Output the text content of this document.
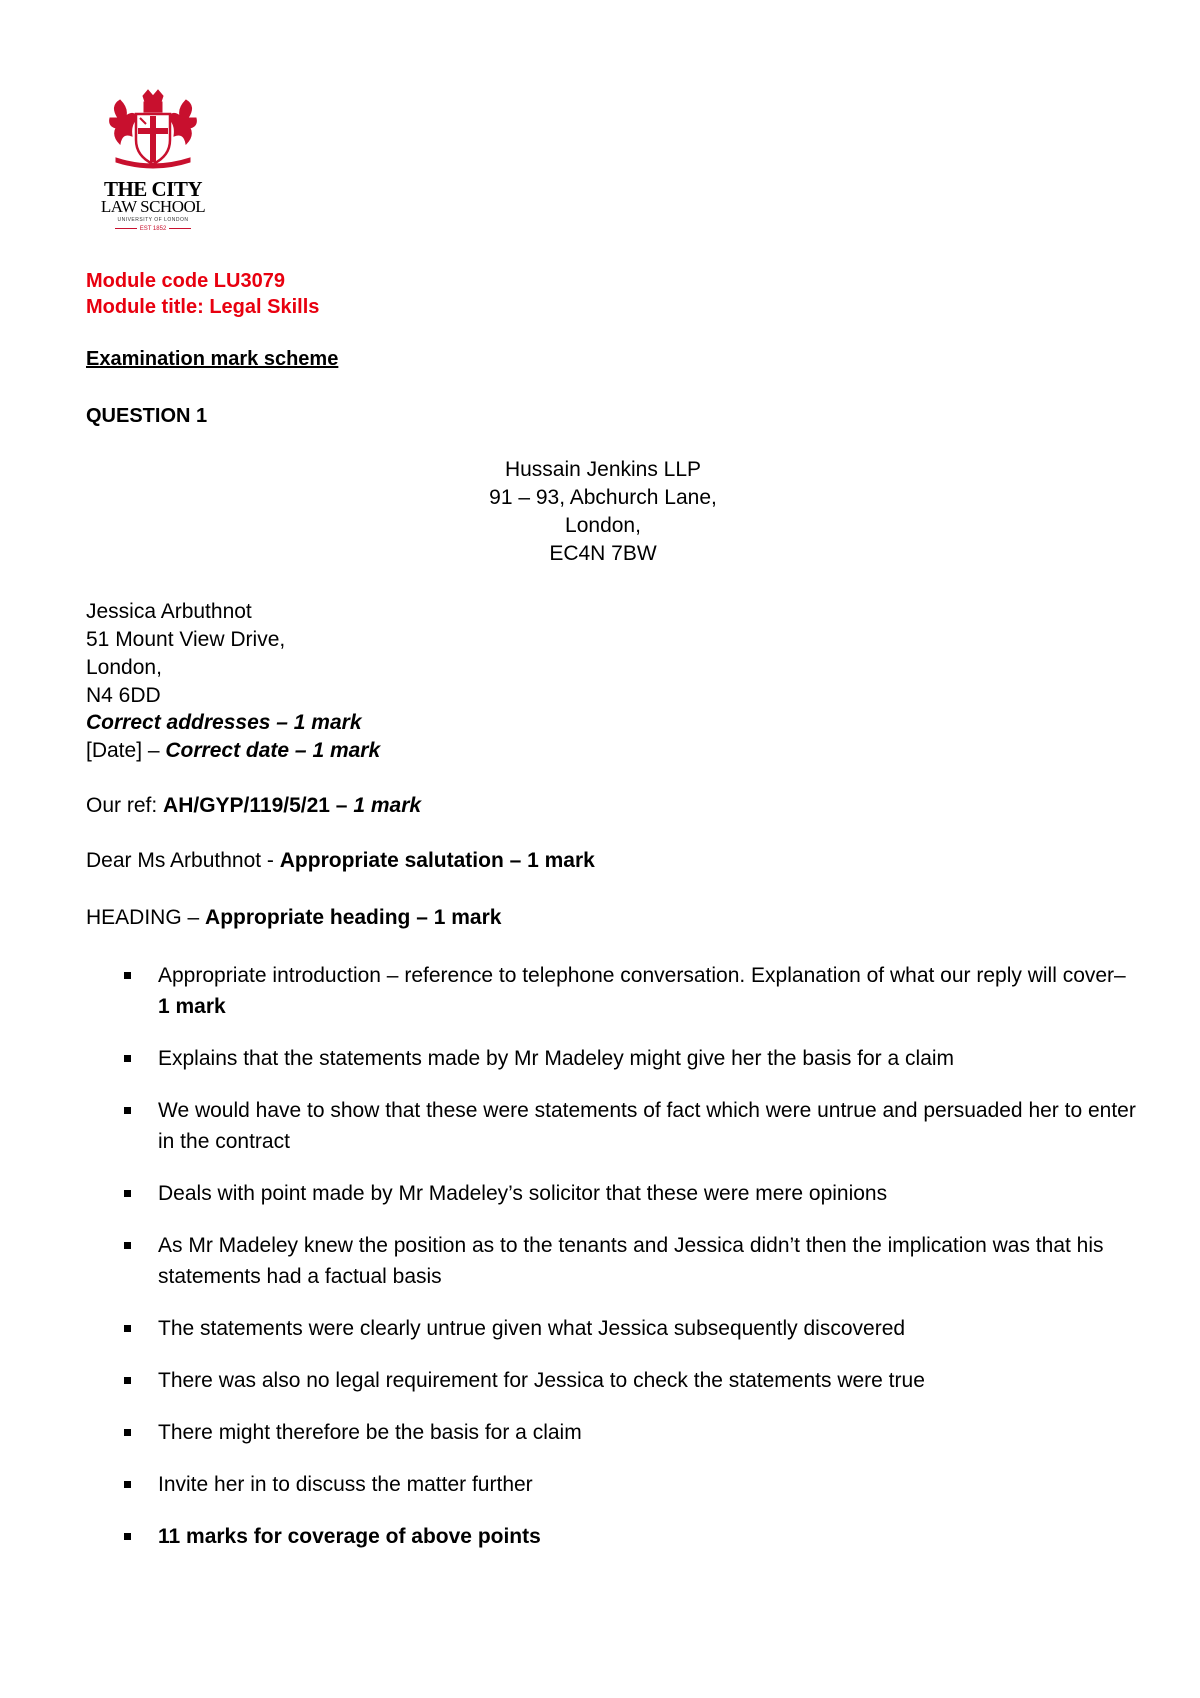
THE CITY
LAW SCHOOL
UNIVERSITY OF LONDON
EST 1852
Module code LU3079
Module title: Legal Skills
Examination mark scheme
QUESTION 1
Hussain Jenkins LLP
91 – 93, Abchurch Lane,
London,
EC4N 7BW
Jessica Arbuthnot
51 Mount View Drive,
London,
N4 6DD
Correct addresses – 1 mark
[Date] – Correct date – 1 mark
Our ref: AH/GYP/119/5/21 – 1 mark
Dear Ms Arbuthnot - Appropriate salutation – 1 mark
HEADING – Appropriate heading – 1 mark
Appropriate introduction – reference to telephone conversation. Explanation of what our reply will cover– 1 mark
Explains that the statements made by Mr Madeley might give her the basis for a claim
We would have to show that these were statements of fact which were untrue and persuaded her to enter in the contract
Deals with point made by Mr Madeley’s solicitor that these were mere opinions
As Mr Madeley knew the position as to the tenants and Jessica didn’t then the implication was that his statements had a factual basis
The statements were clearly untrue given what Jessica subsequently discovered
There was also no legal requirement for Jessica to check the statements were true
There might therefore be the basis for a claim
Invite her in to discuss the matter further
11 marks for coverage of above points
